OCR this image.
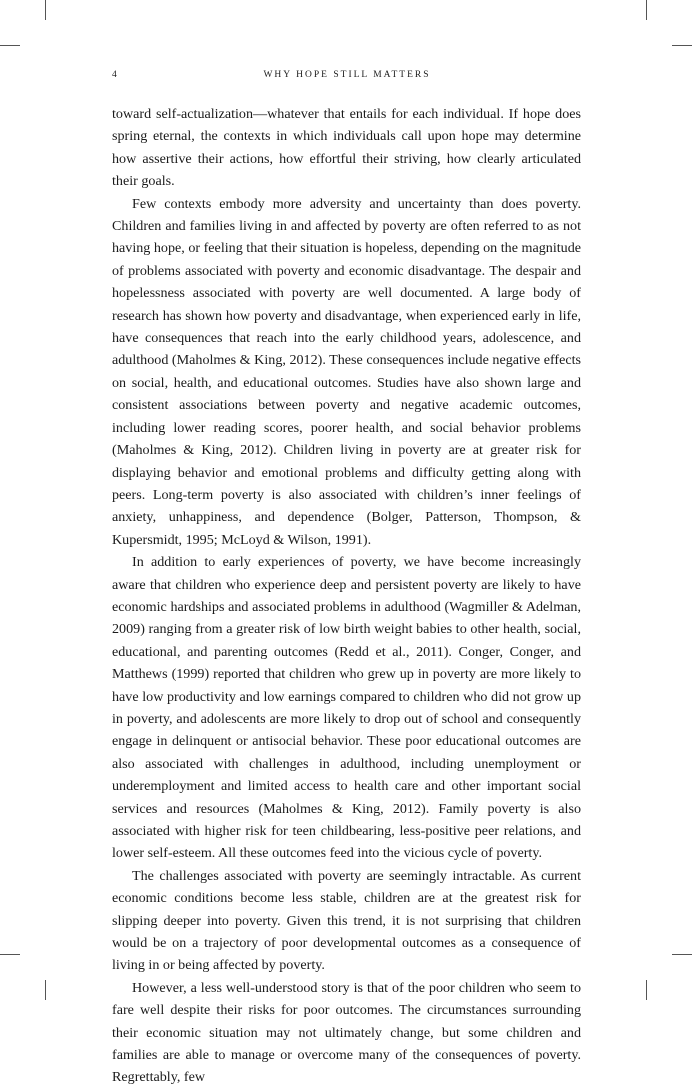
4	WHY HOPE STILL MATTERS

toward self-actualization—whatever that entails for each individual. If hope does spring eternal, the contexts in which individuals call upon hope may determine how assertive their actions, how effortful their striving, how clearly articulated their goals.

Few contexts embody more adversity and uncertainty than does poverty. Children and families living in and affected by poverty are often referred to as not having hope, or feeling that their situation is hopeless, depending on the magnitude of problems associated with poverty and economic disadvantage. The despair and hopelessness associated with poverty are well documented. A large body of research has shown how poverty and disadvantage, when experienced early in life, have consequences that reach into the early childhood years, adolescence, and adulthood (Maholmes & King, 2012). These consequences include negative effects on social, health, and educational outcomes. Studies have also shown large and consistent associations between poverty and negative academic outcomes, including lower reading scores, poorer health, and social behavior problems (Maholmes & King, 2012). Children living in poverty are at greater risk for displaying behavior and emotional problems and difficulty getting along with peers. Long-term poverty is also associated with children’s inner feelings of anxiety, unhappiness, and dependence (Bolger, Patterson, Thompson, & Kupersmidt, 1995; McLoyd & Wilson, 1991).

In addition to early experiences of poverty, we have become increasingly aware that children who experience deep and persistent poverty are likely to have economic hardships and associated problems in adulthood (Wagmiller & Adelman, 2009) ranging from a greater risk of low birth weight babies to other health, social, educational, and parenting outcomes (Redd et al., 2011). Conger, Conger, and Matthews (1999) reported that children who grew up in poverty are more likely to have low productivity and low earnings compared to children who did not grow up in poverty, and adolescents are more likely to drop out of school and consequently engage in delinquent or antisocial behavior. These poor educational outcomes are also associated with challenges in adulthood, including unemployment or underemployment and limited access to health care and other important social services and resources (Maholmes & King, 2012). Family poverty is also associated with higher risk for teen childbearing, less-positive peer relations, and lower self-esteem. All these outcomes feed into the vicious cycle of poverty.

The challenges associated with poverty are seemingly intractable. As current economic conditions become less stable, children are at the greatest risk for slipping deeper into poverty. Given this trend, it is not surprising that children would be on a trajectory of poor developmental outcomes as a consequence of living in or being affected by poverty.

However, a less well-understood story is that of the poor children who seem to fare well despite their risks for poor outcomes. The circumstances surrounding their economic situation may not ultimately change, but some children and families are able to manage or overcome many of the consequences of poverty. Regrettably, few
